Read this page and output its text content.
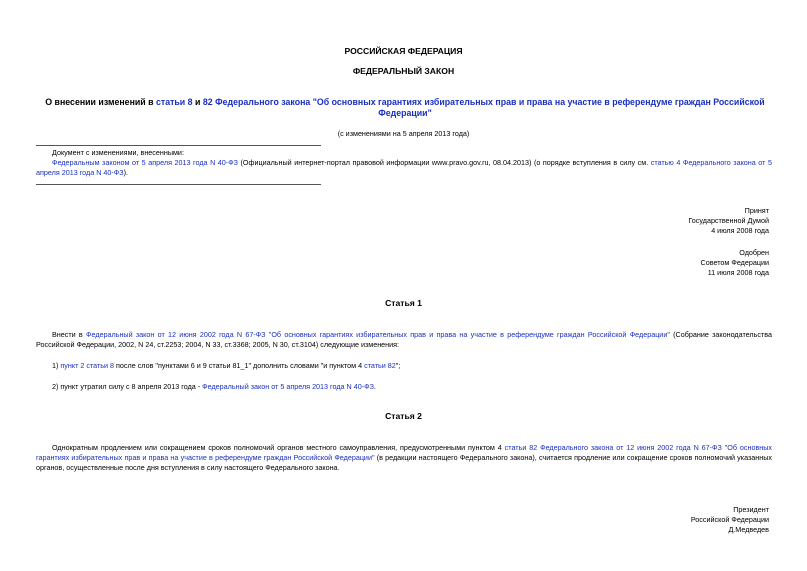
РОССИЙСКАЯ ФЕДЕРАЦИЯ
ФЕДЕРАЛЬНЫЙ ЗАКОН
О внесении изменений в статьи 8 и 82 Федерального закона "Об основных гарантиях избирательных прав и права на участие в референдуме граждан Российской Федерации"
(с изменениями на 5 апреля 2013 года)
Документ с изменениями, внесенными:
Федеральным законом от 5 апреля 2013 года N 40-ФЗ (Официальный интернет-портал правовой информации www.pravo.gov.ru, 08.04.2013) (о порядке вступления в силу см. статью 4 Федерального закона от 5 апреля 2013 года N 40-ФЗ).

Принят

Государственной Думой

4 июля 2008 года

Одобрен

Советом Федерации

11 июля 2008 года

Статья 1
Внести в Федеральный закон от 12 июня 2002 года N 67-ФЗ "Об основных гарантиях избирательных прав и права на участие в референдуме граждан Российской Федерации" (Собрание законодательства Российской Федерации, 2002, N 24, ст.2253; 2004, N 33, ст.3368; 2005, N 30, ст.3104) следующие изменения:
1) пункт 2 статьи 8 после слов "пунктами 6 и 9 статьи 81_1" дополнить словами "и пунктом 4 статьи 82";
2) пункт утратил силу с 8 апреля 2013 года - Федеральный закон от 5 апреля 2013 года N 40-ФЗ.
Статья 2
Однократным продлением или сокращением сроков полномочий органов местного самоуправления, предусмотренными пунктом 4 статьи 82 Федерального закона от 12 июня 2002 года N 67-ФЗ "Об основных гарантиях избирательных прав и права на участие в референдуме граждан Российской Федерации" (в редакции настоящего Федерального закона), считается продление или сокращение сроков полномочий указанных органов, осуществленные после дня вступления в силу настоящего Федерального закона.

Президент

Российской Федерации

Д.Медведев
